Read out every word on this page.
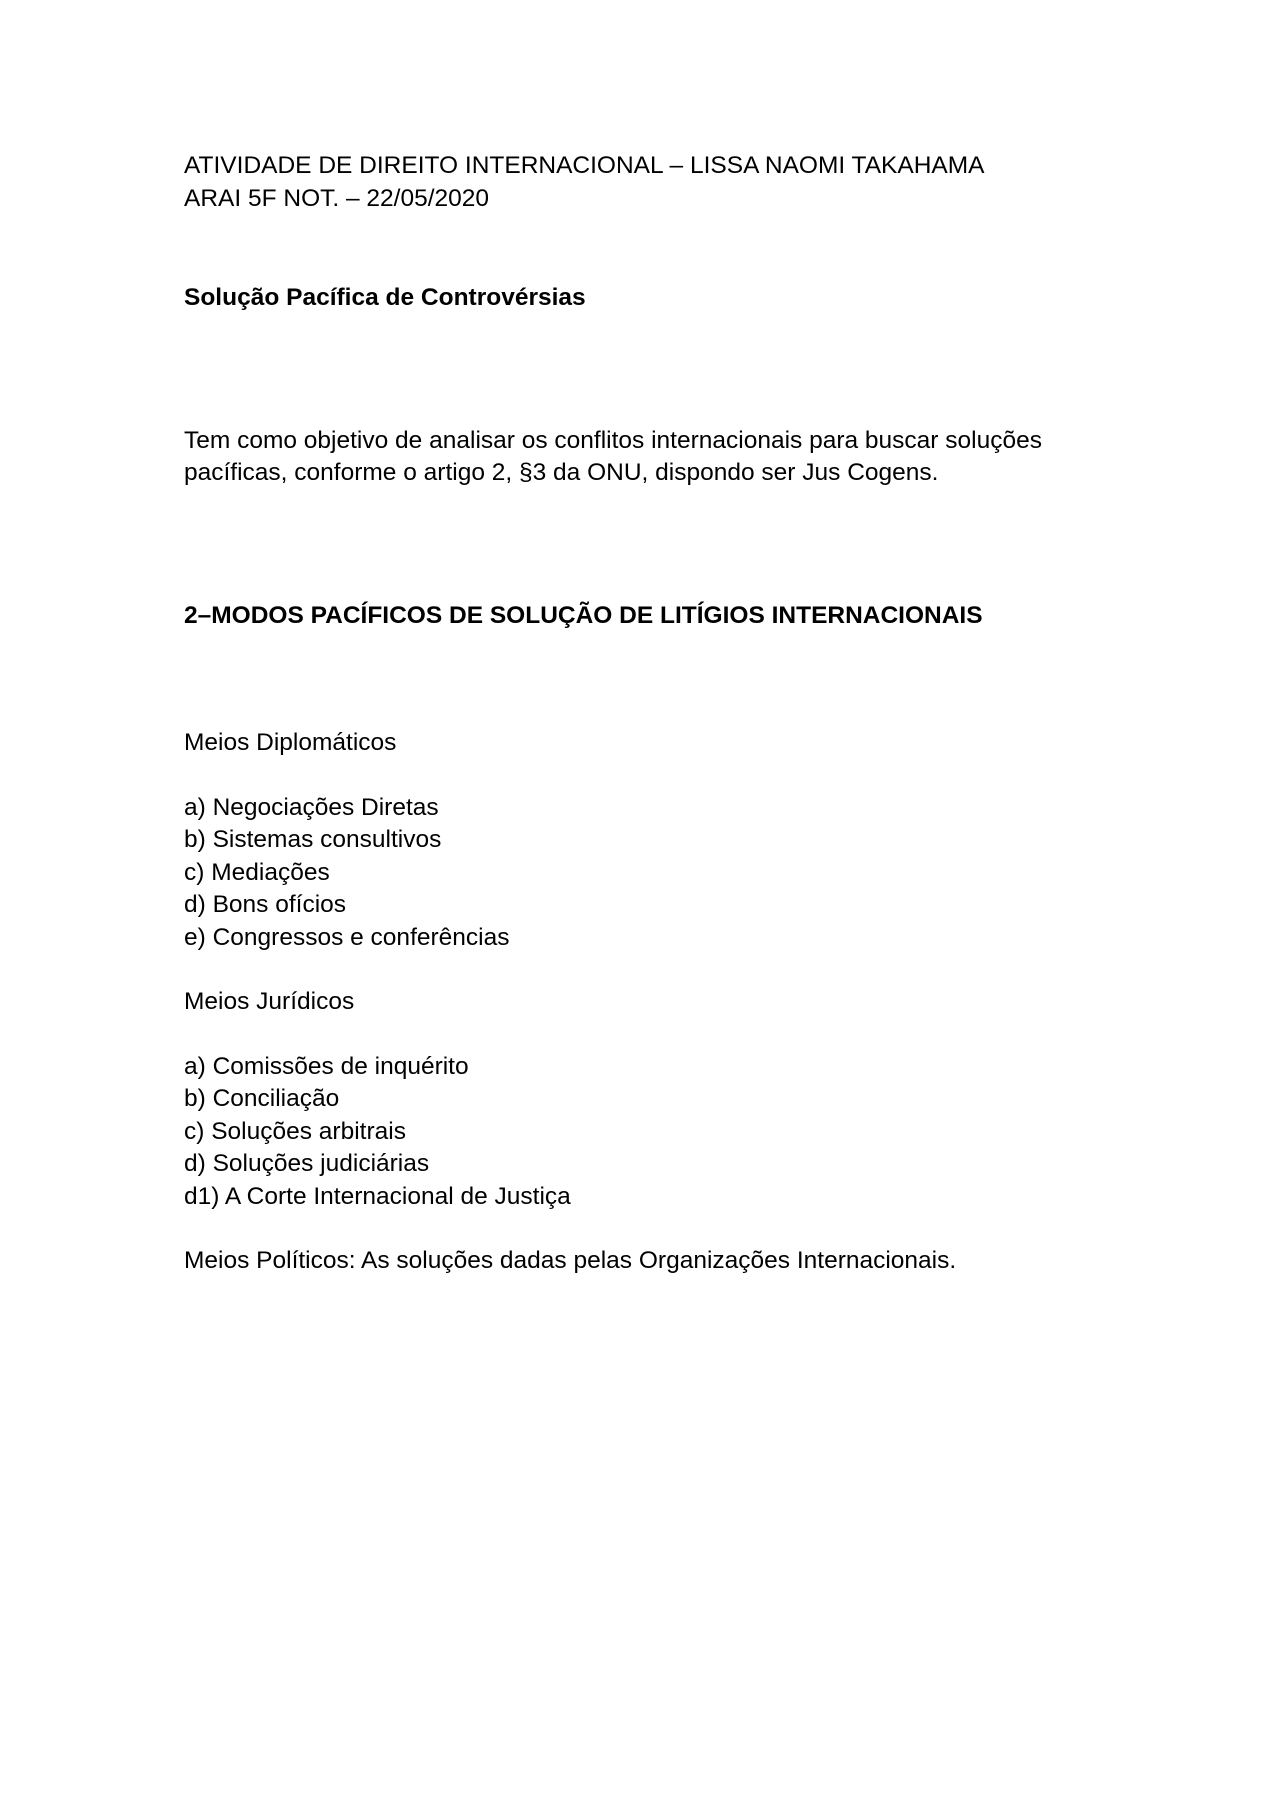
ATIVIDADE DE DIREITO INTERNACIONAL – LISSA NAOMI TAKAHAMA
ARAI 5F NOT. – 22/05/2020
Solução Pacífica de Controvérsias
Tem como objetivo de analisar os conflitos internacionais para buscar soluções
pacíficas, conforme o artigo 2, §3 da ONU, dispondo ser Jus Cogens.
2–MODOS PACÍFICOS DE SOLUÇÃO DE LITÍGIOS INTERNACIONAIS
Meios Diplomáticos
a) Negociações Diretas
b) Sistemas consultivos
c) Mediações
d) Bons ofícios
e) Congressos e conferências
Meios Jurídicos
a) Comissões de inquérito
b) Conciliação
c) Soluções arbitrais
d) Soluções judiciárias
d1) A Corte Internacional de Justiça
Meios Políticos: As soluções dadas pelas Organizações Internacionais.
